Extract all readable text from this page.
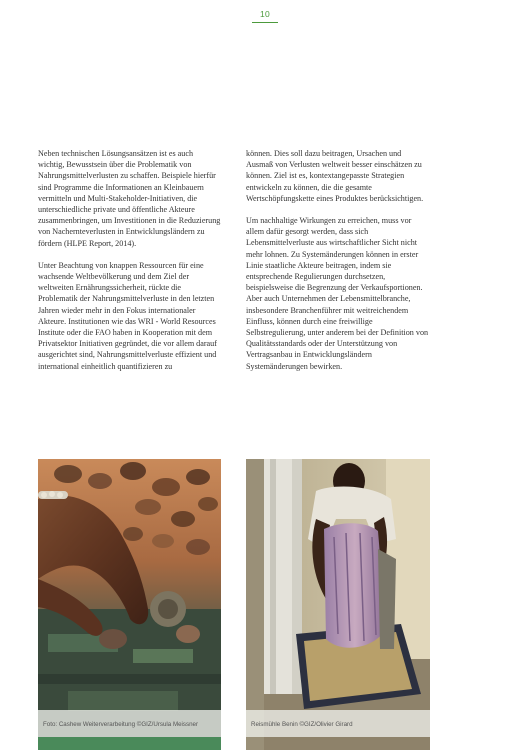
10

Neben technischen Lösungsansätzen ist es auch wichtig, Bewusstsein über die Problematik von Nahrungsmittelverlusten zu schaffen. Beispiele hierfür sind Programme die Informationen an Kleinbauern vermitteln und Multi-Stakeholder-Initiativen, die unterschiedliche private und öffentliche Akteure zusammenbringen, um Investitionen in die Reduzierung von Nachernteverlusten in Entwicklungsländern zu fördern (HLPE Report, 2014).

Unter Beachtung von knappen Ressourcen für eine wachsende Weltbevölkerung und dem Ziel der weltweiten Ernährungssicherheit, rückte die Problematik der Nahrungsmittelverluste in den letzten Jahren wieder mehr in den Fokus internationaler Akteure. Institutionen wie das WRI - World Resources Institute oder die FAO haben in Kooperation mit dem Privatsektor Initiativen gegründet, die vor allem darauf ausgerichtet sind, Nahrungsmittelverluste effizient und international einheitlich quantifizieren zu

können. Dies soll dazu beitragen, Ursachen und Ausmaß von Verlusten weltweit besser einschätzen zu können. Ziel ist es, kontextangepasste Strategien entwickeln zu können, die die gesamte Wertschöpfungskette eines Produktes berücksichtigen.

Um nachhaltige Wirkungen zu erreichen, muss vor allem dafür gesorgt werden, dass sich Lebensmittelverluste aus wirtschaftlicher Sicht nicht mehr lohnen. Zu Systemänderungen können in erster Linie staatliche Akteure beitragen, indem sie entsprechende Regulierungen durchsetzen, beispielsweise die Begrenzung der Verkaufsportionen. Aber auch Unternehmen der Lebensmittelbranche, insbesondere Branchenführer mit weitreichendem Einfluss, können durch eine freiwillige Selbstregulierung, unter anderem bei der Definition von Qualitätsstandards oder der Unterstützung von Vertragsanbau in Entwicklungsländern Systemänderungen bewirken.

Foto: Cashew Weiterverarbeitung ©GIZ/Ursula Meissner	Reismühle Benin ©GIZ/Olivier Girard
